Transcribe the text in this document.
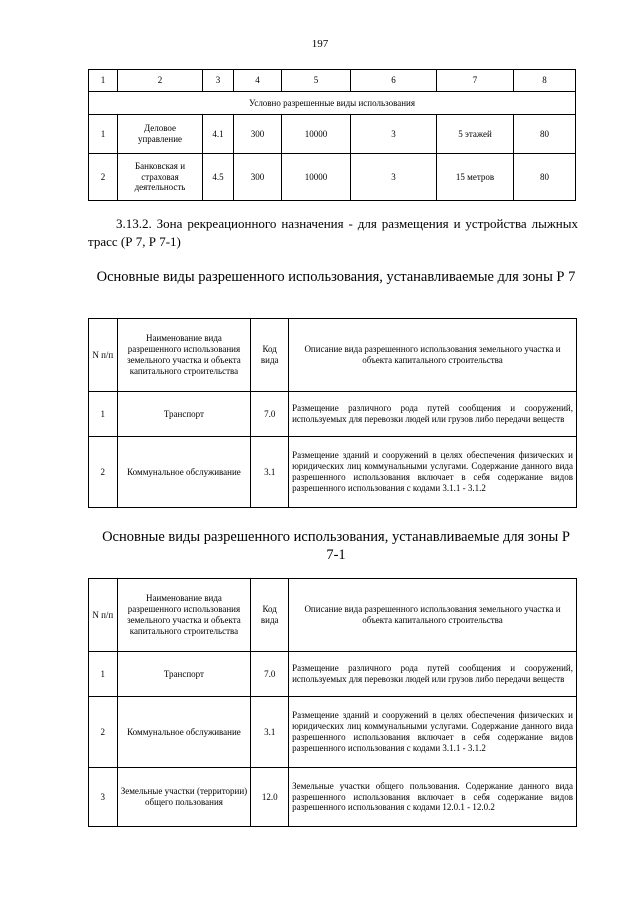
197
1	2	3	4	5	6	7	8
Условно разрешенные виды использования							
1	Деловое управление	4.1	300	10000	3	5 этажей	80
2	Банковская и страховая деятельность	4.5	300	10000	3	15 метров	80
3.13.2. Зона рекреационного назначения - для размещения и устройства лыжных трасс (Р 7, Р 7-1)
Основные виды разрешенного использования, устанавливаемые для зоны Р 7
N п/п	Наименование вида разрешенного использования земельного участка и объекта капитального строительства	Код вида	Описание вида разрешенного использования земельного участка и объекта капитального строительства
1	Транспорт	7.0	Размещение различного рода путей сообщения и сооружений, используемых для перевозки людей или грузов либо передачи веществ
2	Коммунальное обслуживание	3.1	Размещение зданий и сооружений в целях обеспечения физических и юридических лиц коммунальными услугами. Содержание данного вида разрешенного использования включает в себя содержание видов разрешенного использования с кодами 3.1.1 - 3.1.2
Основные виды разрешенного использования, устанавливаемые для зоны Р 7-1
N п/п	Наименование вида разрешенного использования земельного участка и объекта капитального строительства	Код вида	Описание вида разрешенного использования земельного участка и объекта капитального строительства
1	Транспорт	7.0	Размещение различного рода путей сообщения и сооружений, используемых для перевозки людей или грузов либо передачи веществ
2	Коммунальное обслуживание	3.1	Размещение зданий и сооружений в целях обеспечения физических и юридических лиц коммунальными услугами. Содержание данного вида разрешенного использования включает в себя содержание видов разрешенного использования с кодами 3.1.1 - 3.1.2
3	Земельные участки (территории) общего пользования	12.0	Земельные участки общего пользования. Содержание данного вида разрешенного использования включает в себя содержание видов разрешенного использования с кодами 12.0.1 - 12.0.2
